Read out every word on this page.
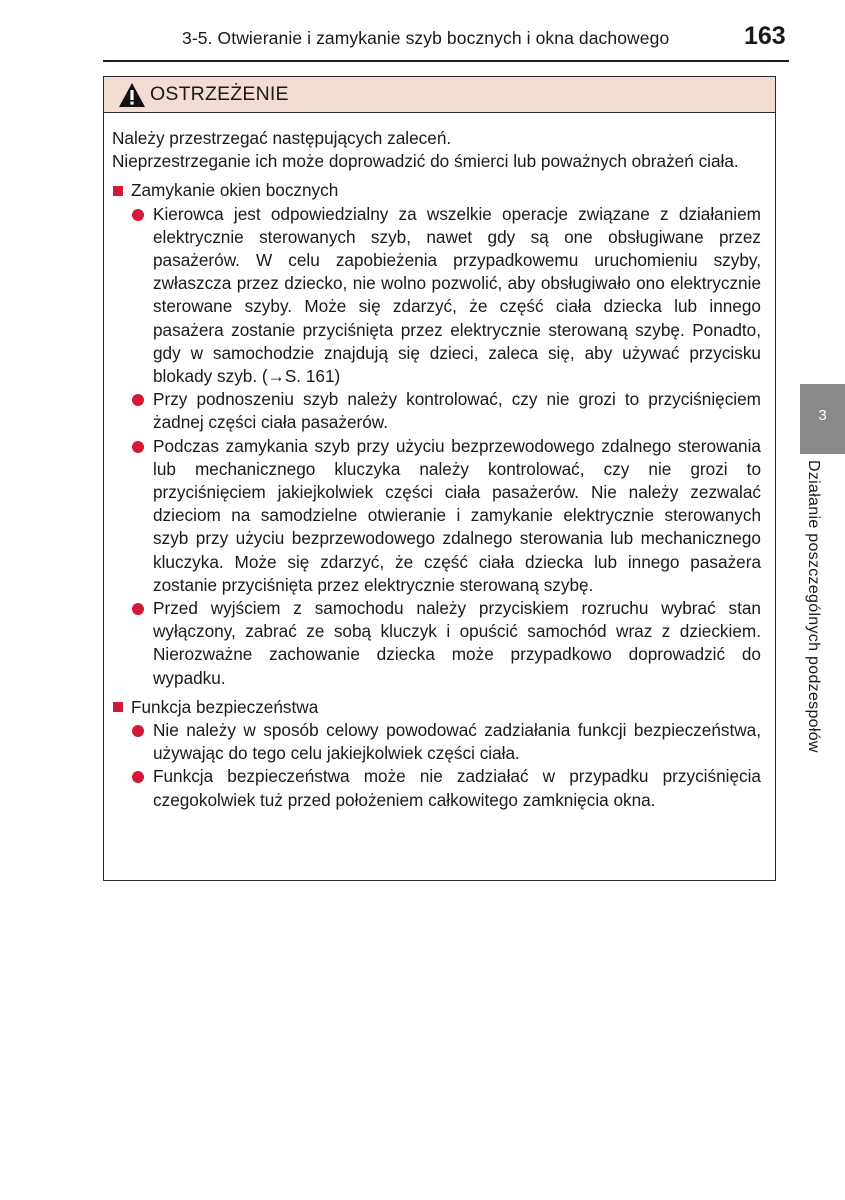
3-5. Otwieranie i zamykanie szyb bocznych i okna dachowego	163
OSTRZEŻENIE

Należy przestrzegać następujących zaleceń.

Nieprzestrzeganie ich może doprowadzić do śmierci lub poważnych obrażeń ciała.

Zamykanie okien bocznych
Kierowca jest odpowiedzialny za wszelkie operacje związane z działaniem elektrycznie sterowanych szyb, nawet gdy są one obsługiwane przez pasażerów. W celu zapobieżenia przypadkowemu uruchomieniu szyby, zwłaszcza przez dziecko, nie wolno pozwolić, aby obsługiwało ono elektrycznie sterowane szyby. Może się zdarzyć, że część ciała dziecka lub innego pasażera zostanie przyciśnięta przez elektrycznie sterowaną szybę. Ponadto, gdy w samochodzie znajdują się dzieci, zaleca się, aby używać przycisku blokady szyb. (→S. 161)
Przy podnoszeniu szyb należy kontrolować, czy nie grozi to przyciśnięciem żadnej części ciała pasażerów.
Podczas zamykania szyb przy użyciu bezprzewodowego zdalnego sterowania lub mechanicznego kluczyka należy kontrolować, czy nie grozi to przyciśnięciem jakiejkolwiek części ciała pasażerów. Nie należy zezwalać dzieciom na samodzielne otwieranie i zamykanie elektrycznie sterowanych szyb przy użyciu bezprzewodowego zdalnego sterowania lub mechanicznego kluczyka. Może się zdarzyć, że część ciała dziecka lub innego pasażera zostanie przyciśnięta przez elektrycznie sterowaną szybę.
Przed wyjściem z samochodu należy przyciskiem rozruchu wybrać stan wyłączony, zabrać ze sobą kluczyk i opuścić samochód wraz z dzieckiem. Nierozważne zachowanie dziecka może przypadkowo doprowadzić do wypadku.
Funkcja bezpieczeństwa
Nie należy w sposób celowy powodować zadziałania funkcji bezpieczeństwa, używając do tego celu jakiejkolwiek części ciała.
Funkcja bezpieczeństwa może nie zadziałać w przypadku przyciśnięcia czegokolwiek tuż przed położeniem całkowitego zamknięcia okna.
3
Działanie poszczególnych podzespołów
